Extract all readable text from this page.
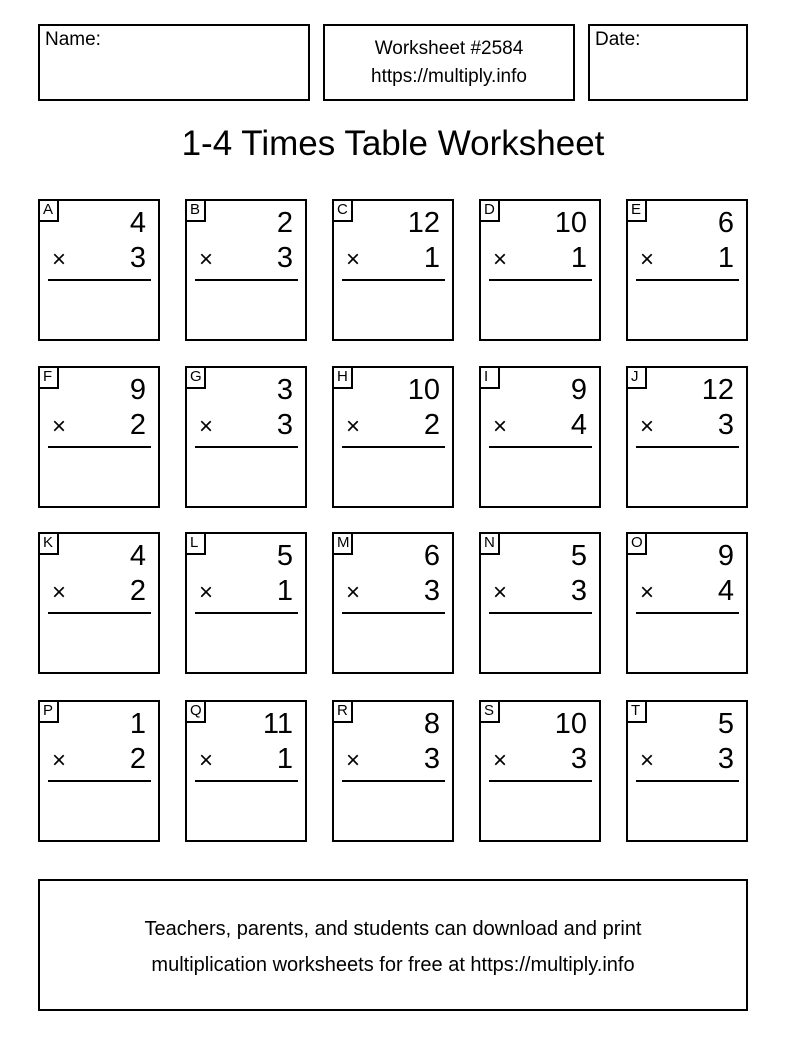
Name:	Worksheet #2584
https://multiply.info
Date:
1-4 Times Table Worksheet
A	4
× 3
B	2
× 3
C 12
× 1
D 10
× 1
E	6
× 1
F	9
× 2
G	3
× 3
H 10
× 2
I	9
× 4
J 12
× 3
K	4
× 2
L	5
× 1
M	6
× 3
N	5
× 3
O	9
× 4
P	1
× 2
Q 11
× 1
R	8
× 3
S 10
× 3
T	5
× 3
Teachers, parents, and students can download and print
multiplication worksheets for free at https://multiply.info
